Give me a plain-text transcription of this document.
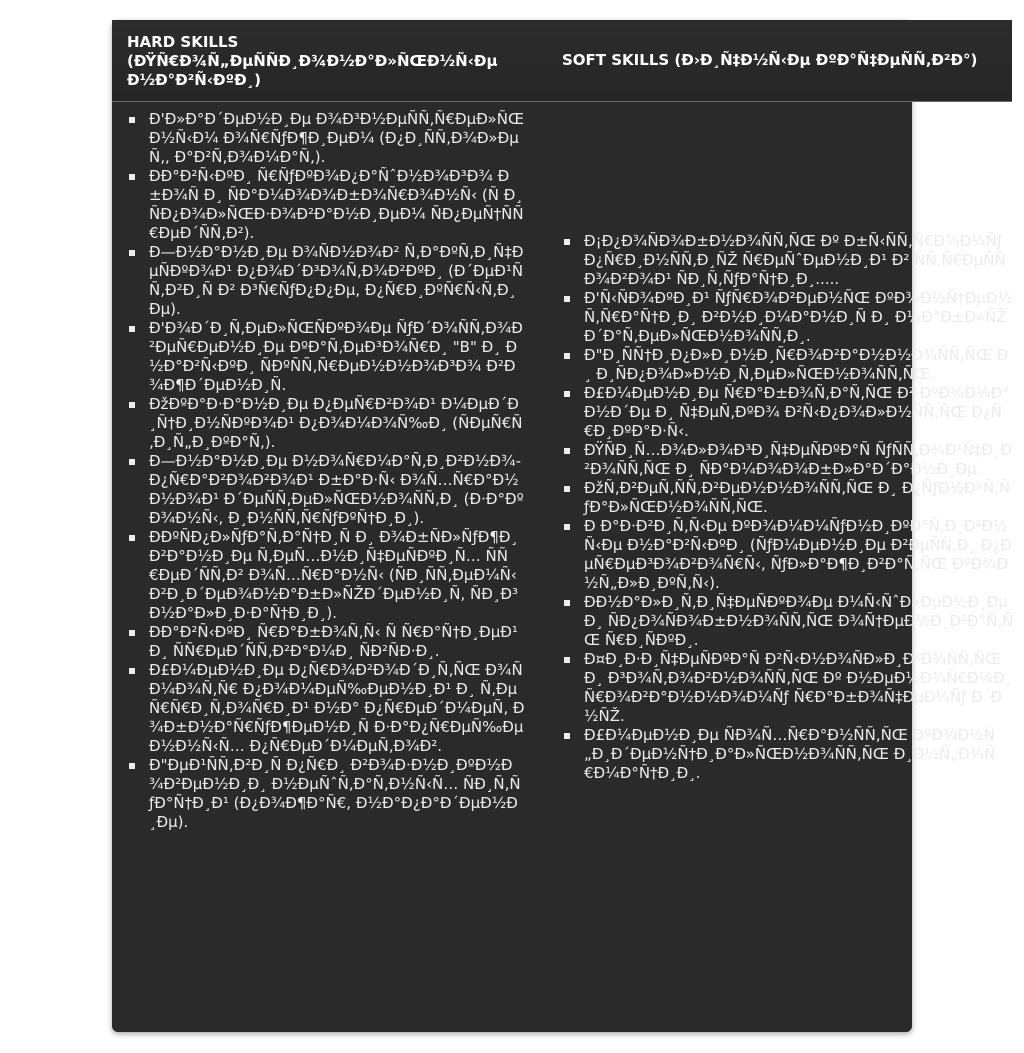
HARD SKILLS
(ÐŸÑ€Ð¾Ñ„ÐµÑÑÐ¸Ð¾Ð½Ð°Ð»ÑŒÐ½Ñ‹Ðµ
Ð½Ð°Ð²Ñ‹ÐºÐ¸)
SOFT SKILLS (Ð›Ð¸Ñ‡Ð½Ñ‹Ðµ ÐºÐ°Ñ‡ÐµÑÑ‚Ð²Ð°)
Ð'Ð»Ð°Ð´ÐµÐ½Ð¸Ðµ Ð¾Ð³Ð½ÐµÑÑ‚Ñ€ÐµÐ»ÑŒÐ½Ñ‹Ð¼ Ð¾Ñ€ÑƒÐ¶Ð¸ÐµÐ¼ (Ð¿Ð¸ÑÑ‚Ð¾Ð»ÐµÑ‚, Ð°Ð²Ñ‚Ð¾Ð¼Ð°Ñ‚).
ÐÐ°Ð²Ñ‹ÐºÐ¸ Ñ€ÑƒÐºÐ¾Ð¿Ð°ÑˆÐ½Ð¾Ð³Ð¾ Ð±Ð¾Ñ Ð¸ ÑÐ°Ð¼Ð¾Ð¾Ð±Ð¾Ñ€Ð¾Ð½Ñ‹ (Ñ Ð¸ÑÐ¿Ð¾Ð»ÑŒÐ·Ð¾Ð²Ð°Ð½Ð¸ÐµÐ¼ ÑÐ¿ÐµÑ†ÑÑ€ÐµÐ´ÑÑ‚Ð²).
Ð—Ð½Ð°Ð½Ð¸Ðµ Ð¾ÑÐ½Ð¾Ð² Ñ‚Ð°ÐºÑ‚Ð¸Ñ‡ÐµÑÐºÐ¾Ð¹ Ð¿Ð¾Ð´Ð³Ð¾Ñ‚Ð¾Ð²ÐºÐ¸ (Ð´ÐµÐ¹ÑÑ‚Ð²Ð¸Ñ Ð² Ð³Ñ€ÑƒÐ¿Ð¿Ðµ, Ð¿Ñ€Ð¸ÐºÑ€Ñ‹Ñ‚Ð¸Ðµ).
Ð'Ð¾Ð´Ð¸Ñ‚ÐµÐ»ÑŒÑÐºÐ¾Ðµ ÑƒÐ´Ð¾ÑÑ‚Ð¾Ð²ÐµÑ€ÐµÐ½Ð¸Ðµ ÐºÐ°Ñ‚ÐµÐ³Ð¾Ñ€Ð¸ "B" Ð¸ Ð½Ð°Ð²Ñ‹ÐºÐ¸ ÑÐºÑÑ‚Ñ€ÐµÐ½Ð½Ð¾Ð³Ð¾ Ð²Ð¾Ð¶Ð´ÐµÐ½Ð¸Ñ.
ÐžÐºÐ°Ð·Ð°Ð½Ð¸Ðµ Ð¿ÐµÑ€Ð²Ð¾Ð¹ Ð¼ÐµÐ´Ð¸Ñ†Ð¸Ð½ÑÐºÐ¾Ð¹ Ð¿Ð¾Ð¼Ð¾Ñ‰Ð¸ (ÑÐµÑ€Ñ‚Ð¸Ñ„Ð¸ÐºÐ°Ñ‚).
Ð—Ð½Ð°Ð½Ð¸Ðµ Ð½Ð¾Ñ€Ð¼Ð°Ñ‚Ð¸Ð²Ð½Ð¾-Ð¿Ñ€Ð°Ð²Ð¾Ð²Ð¾Ð¹ Ð±Ð°Ð·Ñ‹ Ð¾Ñ…Ñ€Ð°Ð½Ð½Ð¾Ð¹ Ð´ÐµÑÑ‚ÐµÐ»ÑŒÐ½Ð¾ÑÑ‚Ð¸ (Ð·Ð°ÐºÐ¾Ð½Ñ‹, Ð¸Ð½ÑÑ‚Ñ€ÑƒÐºÑ†Ð¸Ð¸).
ÐÐºÑÐ¿Ð»ÑƒÐ°Ñ‚Ð°Ñ†Ð¸Ñ Ð¸ Ð¾Ð±ÑÐ»ÑƒÐ¶Ð¸Ð²Ð°Ð½Ð¸Ðµ Ñ‚ÐµÑ…Ð½Ð¸Ñ‡ÐµÑÐºÐ¸Ñ… ÑÑ€ÐµÐ´ÑÑ‚Ð² Ð¾Ñ…Ñ€Ð°Ð½Ñ‹ (ÑÐ¸ÑÑ‚ÐµÐ¼Ñ‹ Ð²Ð¸Ð´ÐµÐ¾Ð½Ð°Ð±Ð»ÑŽÐ´ÐµÐ½Ð¸Ñ, ÑÐ¸Ð³Ð½Ð°Ð»Ð¸Ð·Ð°Ñ†Ð¸Ð¸).
ÐÐ°Ð²Ñ‹ÐºÐ¸ Ñ€Ð°Ð±Ð¾Ñ‚Ñ‹ Ñ Ñ€Ð°Ñ†Ð¸ÐµÐ¹ Ð¸ ÑÑ€ÐµÐ´ÑÑ‚Ð²Ð°Ð¼Ð¸ ÑÐ²ÑÐ·Ð¸.
Ð£Ð¼ÐµÐ½Ð¸Ðµ Ð¿Ñ€Ð¾Ð²Ð¾Ð´Ð¸Ñ‚ÑŒ Ð¾ÑÐ¼Ð¾Ñ‚Ñ€ Ð¿Ð¾Ð¼ÐµÑ‰ÐµÐ½Ð¸Ð¹ Ð¸ Ñ‚ÐµÑ€Ñ€Ð¸Ñ‚Ð¾Ñ€Ð¸Ð¹ Ð½Ð° Ð¿Ñ€ÐµÐ´Ð¼ÐµÑ‚ Ð¾Ð±Ð½Ð°Ñ€ÑƒÐ¶ÐµÐ½Ð¸Ñ Ð·Ð°Ð¿Ñ€ÐµÑ‰ÐµÐ½Ð½Ñ‹Ñ… Ð¿Ñ€ÐµÐ´Ð¼ÐµÑ‚Ð¾Ð².
Ð"ÐµÐ¹ÑÑ‚Ð²Ð¸Ñ Ð¿Ñ€Ð¸ Ð²Ð¾Ð·Ð½Ð¸ÐºÐ½Ð¾Ð²ÐµÐ½Ð¸Ð¸ Ð½ÐµÑˆÑ‚Ð°Ñ‚Ð½Ñ‹Ñ… ÑÐ¸Ñ‚ÑƒÐ°Ñ†Ð¸Ð¹ (Ð¿Ð¾Ð¶Ð°Ñ€, Ð½Ð°Ð¿Ð°Ð´ÐµÐ½Ð¸Ðµ).
Ð¡Ð¿Ð¾ÑÐ¾Ð±Ð½Ð¾ÑÑ‚ÑŒ Ðº Ð±Ñ‹ÑÑ‚Ñ€Ð¾Ð¼Ñƒ Ð¿Ñ€Ð¸Ð½ÑÑ‚Ð¸ÑŽ Ñ€ÐµÑˆÐµÐ½Ð¸Ð¹ Ð² ÑÑ‚Ñ€ÐµÑÑÐ¾Ð²Ð¾Ð¹ ÑÐ¸Ñ‚ÑƒÐ°Ñ†Ð¸Ð¸.....
Ð'Ñ‹ÑÐ¾ÐºÐ¸Ð¹ ÑƒÑ€Ð¾Ð²ÐµÐ½ÑŒ ÐºÐ¾Ð½Ñ†ÐµÐ½Ñ‚Ñ€Ð°Ñ†Ð¸Ð¸ Ð²Ð½Ð¸Ð¼Ð°Ð½Ð¸Ñ Ð¸ Ð½Ð°Ð±Ð»ÑŽÐ´Ð°Ñ‚ÐµÐ»ÑŒÐ½Ð¾ÑÑ‚Ð¸.
Ð"Ð¸ÑÑ†Ð¸Ð¿Ð»Ð¸Ð½Ð¸Ñ€Ð¾Ð²Ð°Ð½Ð½Ð¾ÑÑ‚ÑŒ Ð¸ Ð¸ÑÐ¿Ð¾Ð»Ð½Ð¸Ñ‚ÐµÐ»ÑŒÐ½Ð¾ÑÑ‚ÑŒ.
Ð£Ð¼ÐµÐ½Ð¸Ðµ Ñ€Ð°Ð±Ð¾Ñ‚Ð°Ñ‚ÑŒ Ð² ÐºÐ¾Ð¼Ð°Ð½Ð´Ðµ Ð¸ Ñ‡ÐµÑ‚ÐºÐ¾ Ð²Ñ‹Ð¿Ð¾Ð»Ð½ÑÑ‚ÑŒ Ð¿Ñ€Ð¸ÐºÐ°Ð·Ñ‹.
ÐŸÑÐ¸Ñ…Ð¾Ð»Ð¾Ð³Ð¸Ñ‡ÐµÑÐºÐ°Ñ ÑƒÑÑ‚Ð¾Ð¹Ñ‡Ð¸Ð²Ð¾ÑÑ‚ÑŒ Ð¸ ÑÐ°Ð¼Ð¾Ð¾Ð±Ð»Ð°Ð´Ð°Ð½Ð¸Ðµ.
ÐžÑ‚Ð²ÐµÑ‚ÑÑ‚Ð²ÐµÐ½Ð½Ð¾ÑÑ‚ÑŒ Ð¸ Ð¿ÑƒÐ½ÐºÑ‚ÑƒÐ°Ð»ÑŒÐ½Ð¾ÑÑ‚ÑŒ.
Ð Ð°Ð·Ð²Ð¸Ñ‚Ñ‹Ðµ ÐºÐ¾Ð¼Ð¼ÑƒÐ½Ð¸ÐºÐ°Ñ‚Ð¸Ð²Ð½Ñ‹Ðµ Ð½Ð°Ð²Ñ‹ÐºÐ¸ (ÑƒÐ¼ÐµÐ½Ð¸Ðµ Ð²ÐµÑÑ‚Ð¸ Ð¿ÐµÑ€ÐµÐ³Ð¾Ð²Ð¾Ñ€Ñ‹, ÑƒÐ»Ð°Ð¶Ð¸Ð²Ð°Ñ‚ÑŒ ÐºÐ¾Ð½Ñ„Ð»Ð¸ÐºÑ‚Ñ‹).
ÐÐ½Ð°Ð»Ð¸Ñ‚Ð¸Ñ‡ÐµÑÐºÐ¾Ðµ Ð¼Ñ‹ÑˆÐ»ÐµÐ½Ð¸Ðµ Ð¸ ÑÐ¿Ð¾ÑÐ¾Ð±Ð½Ð¾ÑÑ‚ÑŒ Ð¾Ñ†ÐµÐ½Ð¸Ð²Ð°Ñ‚ÑŒ Ñ€Ð¸ÑÐºÐ¸.
Ð¤Ð¸Ð·Ð¸Ñ‡ÐµÑÐºÐ°Ñ Ð²Ñ‹Ð½Ð¾ÑÐ»Ð¸Ð²Ð¾ÑÑ‚ÑŒ Ð¸ Ð³Ð¾Ñ‚Ð¾Ð²Ð½Ð¾ÑÑ‚ÑŒ Ðº Ð½ÐµÐ½Ð¾Ñ€Ð¼Ð¸Ñ€Ð¾Ð²Ð°Ð½Ð½Ð¾Ð¼Ñƒ Ñ€Ð°Ð±Ð¾Ñ‡ÐµÐ¼Ñƒ Ð´Ð½ÑŽ.
Ð£Ð¼ÐµÐ½Ð¸Ðµ ÑÐ¾Ñ…Ñ€Ð°Ð½ÑÑ‚ÑŒ ÐºÐ¾Ð½Ñ„Ð¸Ð´ÐµÐ½Ñ†Ð¸Ð°Ð»ÑŒÐ½Ð¾ÑÑ‚ÑŒ Ð¸Ð½Ñ„Ð¾Ñ€Ð¼Ð°Ñ†Ð¸Ð¸.
